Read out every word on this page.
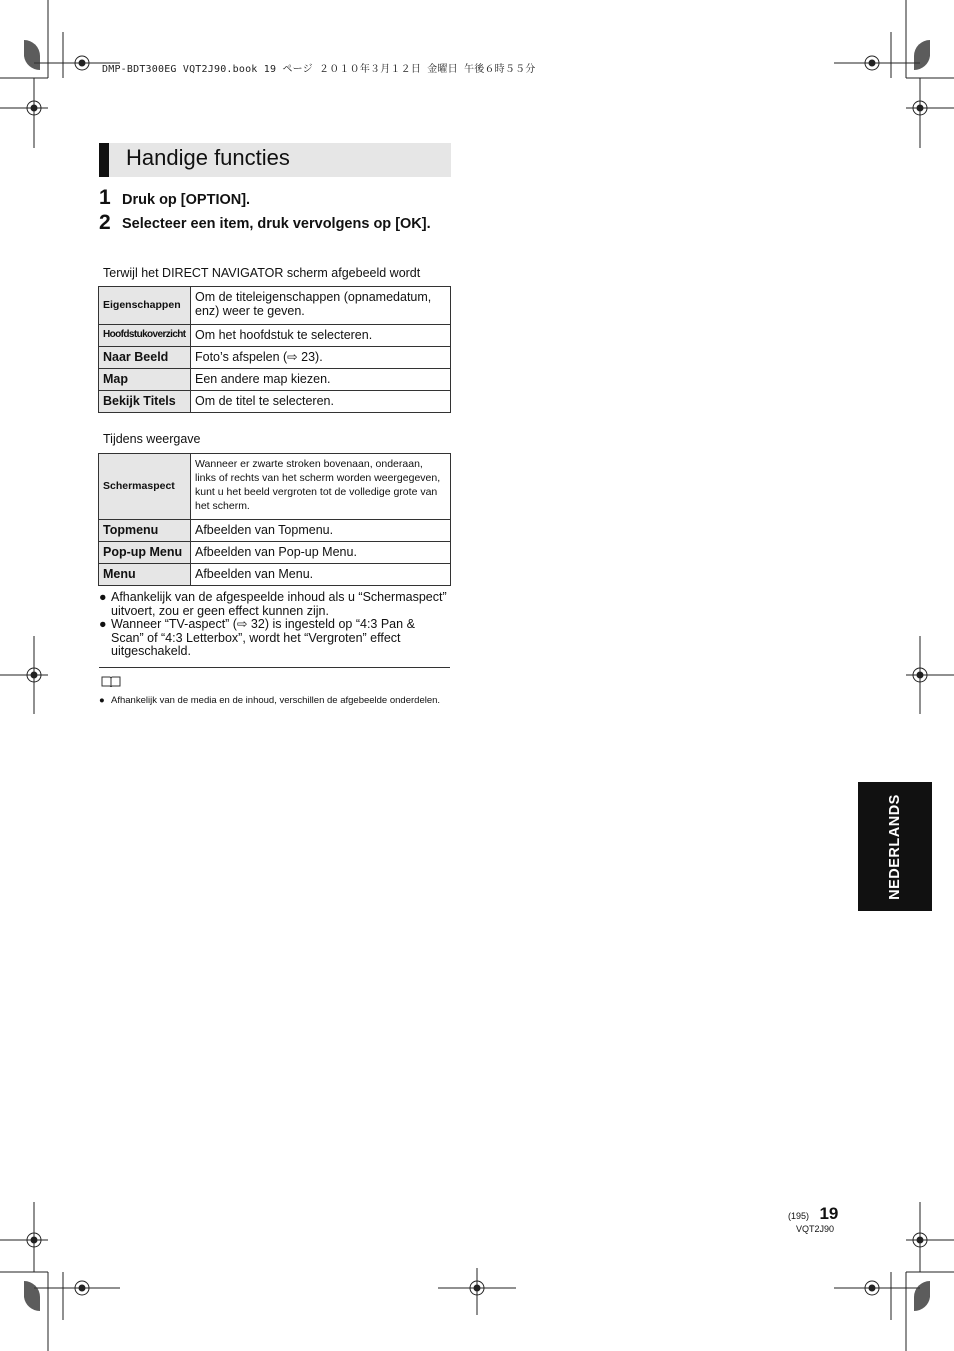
DMP-BDT300EG VQT2J90.book 19 ページ ２０１０年３月１２日 金曜日 午後６時５５分
Handige functies
1 Druk op [OPTION].
2 Selecteer een item, druk vervolgens op [OK].
Terwijl het DIRECT NAVIGATOR scherm afgebeeld wordt
Eigenschappen	Om de titeleigenschappen (opnamedatum, enz) weer te geven.
Hoofdstukoverzicht	Om het hoofdstuk te selecteren.
Naar Beeld	Foto’s afspelen (⇨ 23).
Map	Een andere map kiezen.
Bekijk Titels	Om de titel te selecteren.
Tijdens weergave
Schermaspect	Wanneer er zwarte stroken bovenaan, onderaan, links of rechts van het scherm worden weergegeven, kunt u het beeld vergroten tot de volledige grote van het scherm.
Topmenu	Afbeelden van Topmenu.
Pop-up Menu	Afbeelden van Pop-up Menu.
Menu	Afbeelden van Menu.
● Afhankelijk van de afgespeelde inhoud als u “Schermaspect” uitvoert, zou er geen effect kunnen zijn.
● Wanneer “TV-aspect” (⇨ 32) is ingesteld op “4:3 Pan & Scan” of “4:3 Letterbox”, wordt het “Vergroten” effect uitgeschakeld.
● Afhankelijk van de media en de inhoud, verschillen de afgebeelde onderdelen.
NEDERLANDS
(195) 19
VQT2J90
